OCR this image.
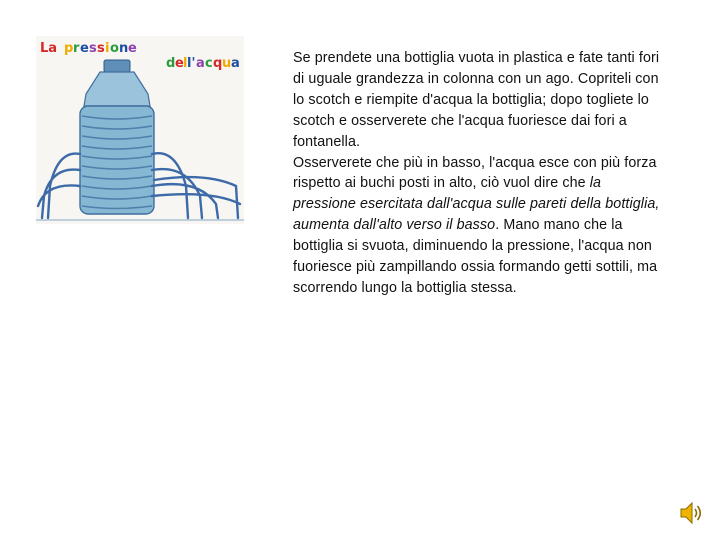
La p r e s s i o n e
d e l l' a c q u a	Se prendete una bottiglia vuota in plastica e fate tanti fori di uguale grandezza in colonna con un ago. Copriteli con lo scotch e riempite d'acqua la bottiglia; dopo togliete lo scotch e osserverete che l'acqua fuoriesce dai fori a fontanella.

Osserverete che più in basso, l'acqua esce con più forza rispetto ai buchi posti in alto, ciò vuol dire che la pressione esercitata dall'acqua sulle pareti della bottiglia, aumenta dall'alto verso il basso. Mano mano che la bottiglia si svuota, diminuendo la pressione, l'acqua non fuoriesce più zampillando ossia formando getti sottili, ma scorrendo lungo la bottiglia stessa.
